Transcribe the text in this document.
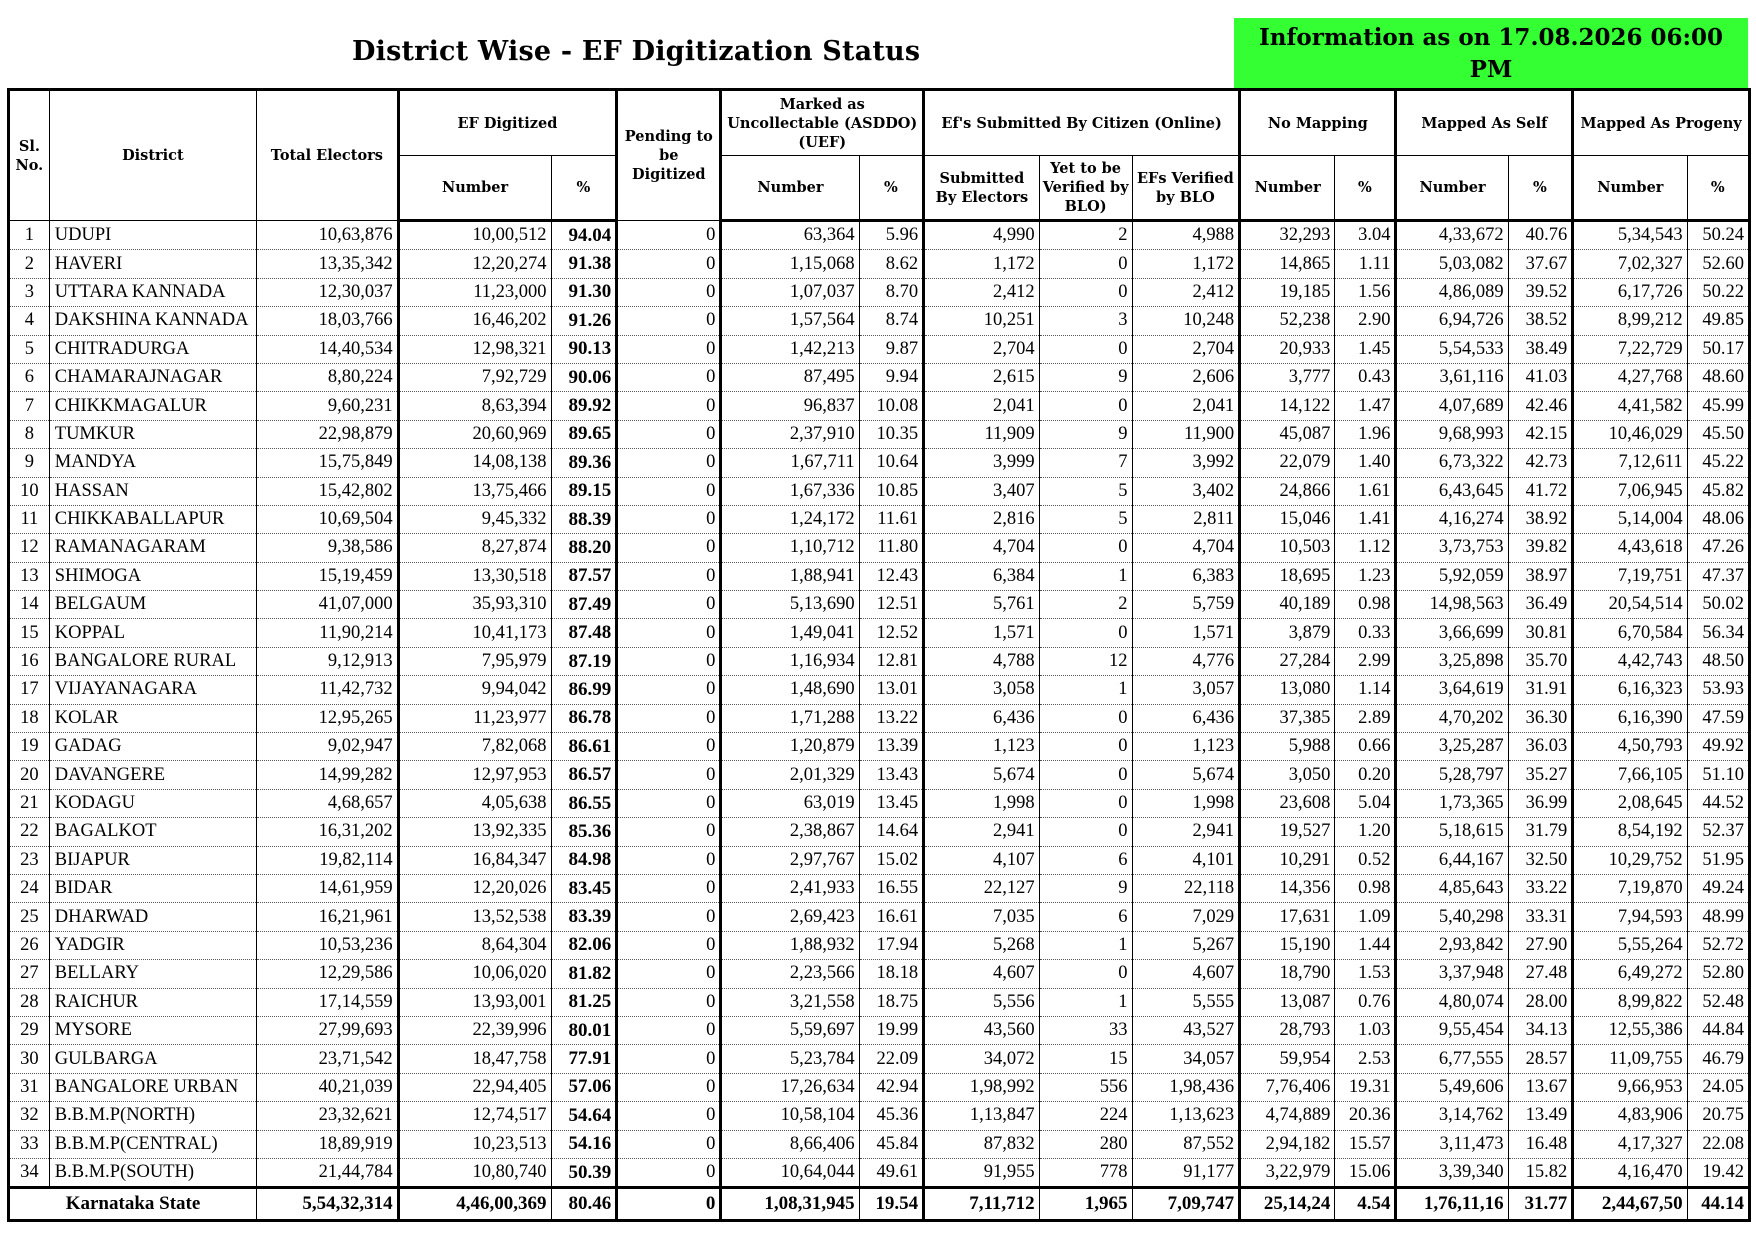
District Wise - EF Digitization Status	Information as on 17.08.2026 06:00 PM
Sl. No.	District	Total Electors	EF Digitized		Pending to be Digitized	Marked as Uncollectable (ASDDO) (UEF)		Ef's Submitted By Citizen (Online)			No Mapping		Mapped As Self		Mapped As Progeny	
			Number	%		Number	%	Submitted By Electors	Yet to be Verified by BLO)	EFs Verified by BLO	Number	%	Number	%	Number	%
1	UDUPI	10,63,876	10,00,512	94.04	0	63,364	5.96	4,990	2	4,988	32,293	3.04	4,33,672	40.76	5,34,543	50.24
2	HAVERI	13,35,342	12,20,274	91.38	0	1,15,068	8.62	1,172	0	1,172	14,865	1.11	5,03,082	37.67	7,02,327	52.60
3	UTTARA KANNADA	12,30,037	11,23,000	91.30	0	1,07,037	8.70	2,412	0	2,412	19,185	1.56	4,86,089	39.52	6,17,726	50.22
4	DAKSHINA KANNADA	18,03,766	16,46,202	91.26	0	1,57,564	8.74	10,251	3	10,248	52,238	2.90	6,94,726	38.52	8,99,212	49.85
5	CHITRADURGA	14,40,534	12,98,321	90.13	0	1,42,213	9.87	2,704	0	2,704	20,933	1.45	5,54,533	38.49	7,22,729	50.17
6	CHAMARAJNAGAR	8,80,224	7,92,729	90.06	0	87,495	9.94	2,615	9	2,606	3,777	0.43	3,61,116	41.03	4,27,768	48.60
7	CHIKKMAGALUR	9,60,231	8,63,394	89.92	0	96,837	10.08	2,041	0	2,041	14,122	1.47	4,07,689	42.46	4,41,582	45.99
8	TUMKUR	22,98,879	20,60,969	89.65	0	2,37,910	10.35	11,909	9	11,900	45,087	1.96	9,68,993	42.15	10,46,029	45.50
9	MANDYA	15,75,849	14,08,138	89.36	0	1,67,711	10.64	3,999	7	3,992	22,079	1.40	6,73,322	42.73	7,12,611	45.22
10	HASSAN	15,42,802	13,75,466	89.15	0	1,67,336	10.85	3,407	5	3,402	24,866	1.61	6,43,645	41.72	7,06,945	45.82
11	CHIKKABALLAPUR	10,69,504	9,45,332	88.39	0	1,24,172	11.61	2,816	5	2,811	15,046	1.41	4,16,274	38.92	5,14,004	48.06
12	RAMANAGARAM	9,38,586	8,27,874	88.20	0	1,10,712	11.80	4,704	0	4,704	10,503	1.12	3,73,753	39.82	4,43,618	47.26
13	SHIMOGA	15,19,459	13,30,518	87.57	0	1,88,941	12.43	6,384	1	6,383	18,695	1.23	5,92,059	38.97	7,19,751	47.37
14	BELGAUM	41,07,000	35,93,310	87.49	0	5,13,690	12.51	5,761	2	5,759	40,189	0.98	14,98,563	36.49	20,54,514	50.02
15	KOPPAL	11,90,214	10,41,173	87.48	0	1,49,041	12.52	1,571	0	1,571	3,879	0.33	3,66,699	30.81	6,70,584	56.34
16	BANGALORE RURAL	9,12,913	7,95,979	87.19	0	1,16,934	12.81	4,788	12	4,776	27,284	2.99	3,25,898	35.70	4,42,743	48.50
17	VIJAYANAGARA	11,42,732	9,94,042	86.99	0	1,48,690	13.01	3,058	1	3,057	13,080	1.14	3,64,619	31.91	6,16,323	53.93
18	KOLAR	12,95,265	11,23,977	86.78	0	1,71,288	13.22	6,436	0	6,436	37,385	2.89	4,70,202	36.30	6,16,390	47.59
19	GADAG	9,02,947	7,82,068	86.61	0	1,20,879	13.39	1,123	0	1,123	5,988	0.66	3,25,287	36.03	4,50,793	49.92
20	DAVANGERE	14,99,282	12,97,953	86.57	0	2,01,329	13.43	5,674	0	5,674	3,050	0.20	5,28,797	35.27	7,66,105	51.10
21	KODAGU	4,68,657	4,05,638	86.55	0	63,019	13.45	1,998	0	1,998	23,608	5.04	1,73,365	36.99	2,08,645	44.52
22	BAGALKOT	16,31,202	13,92,335	85.36	0	2,38,867	14.64	2,941	0	2,941	19,527	1.20	5,18,615	31.79	8,54,192	52.37
23	BIJAPUR	19,82,114	16,84,347	84.98	0	2,97,767	15.02	4,107	6	4,101	10,291	0.52	6,44,167	32.50	10,29,752	51.95
24	BIDAR	14,61,959	12,20,026	83.45	0	2,41,933	16.55	22,127	9	22,118	14,356	0.98	4,85,643	33.22	7,19,870	49.24
25	DHARWAD	16,21,961	13,52,538	83.39	0	2,69,423	16.61	7,035	6	7,029	17,631	1.09	5,40,298	33.31	7,94,593	48.99
26	YADGIR	10,53,236	8,64,304	82.06	0	1,88,932	17.94	5,268	1	5,267	15,190	1.44	2,93,842	27.90	5,55,264	52.72
27	BELLARY	12,29,586	10,06,020	81.82	0	2,23,566	18.18	4,607	0	4,607	18,790	1.53	3,37,948	27.48	6,49,272	52.80
28	RAICHUR	17,14,559	13,93,001	81.25	0	3,21,558	18.75	5,556	1	5,555	13,087	0.76	4,80,074	28.00	8,99,822	52.48
29	MYSORE	27,99,693	22,39,996	80.01	0	5,59,697	19.99	43,560	33	43,527	28,793	1.03	9,55,454	34.13	12,55,386	44.84
30	GULBARGA	23,71,542	18,47,758	77.91	0	5,23,784	22.09	34,072	15	34,057	59,954	2.53	6,77,555	28.57	11,09,755	46.79
31	BANGALORE URBAN	40,21,039	22,94,405	57.06	0	17,26,634	42.94	1,98,992	556	1,98,436	7,76,406	19.31	5,49,606	13.67	9,66,953	24.05
32	B.B.M.P(NORTH)	23,32,621	12,74,517	54.64	0	10,58,104	45.36	1,13,847	224	1,13,623	4,74,889	20.36	3,14,762	13.49	4,83,906	20.75
33	B.B.M.P(CENTRAL)	18,89,919	10,23,513	54.16	0	8,66,406	45.84	87,832	280	87,552	2,94,182	15.57	3,11,473	16.48	4,17,327	22.08
34	B.B.M.P(SOUTH)	21,44,784	10,80,740	50.39	0	10,64,044	49.61	91,955	778	91,177	3,22,979	15.06	3,39,340	15.82	4,16,470	19.42
Karnataka State		5,54,32,314	4,46,00,369	80.46	0	1,08,31,945	19.54	7,11,712	1,965	7,09,747	25,14,24	4.54	1,76,11,16	31.77	2,44,67,50	44.14
